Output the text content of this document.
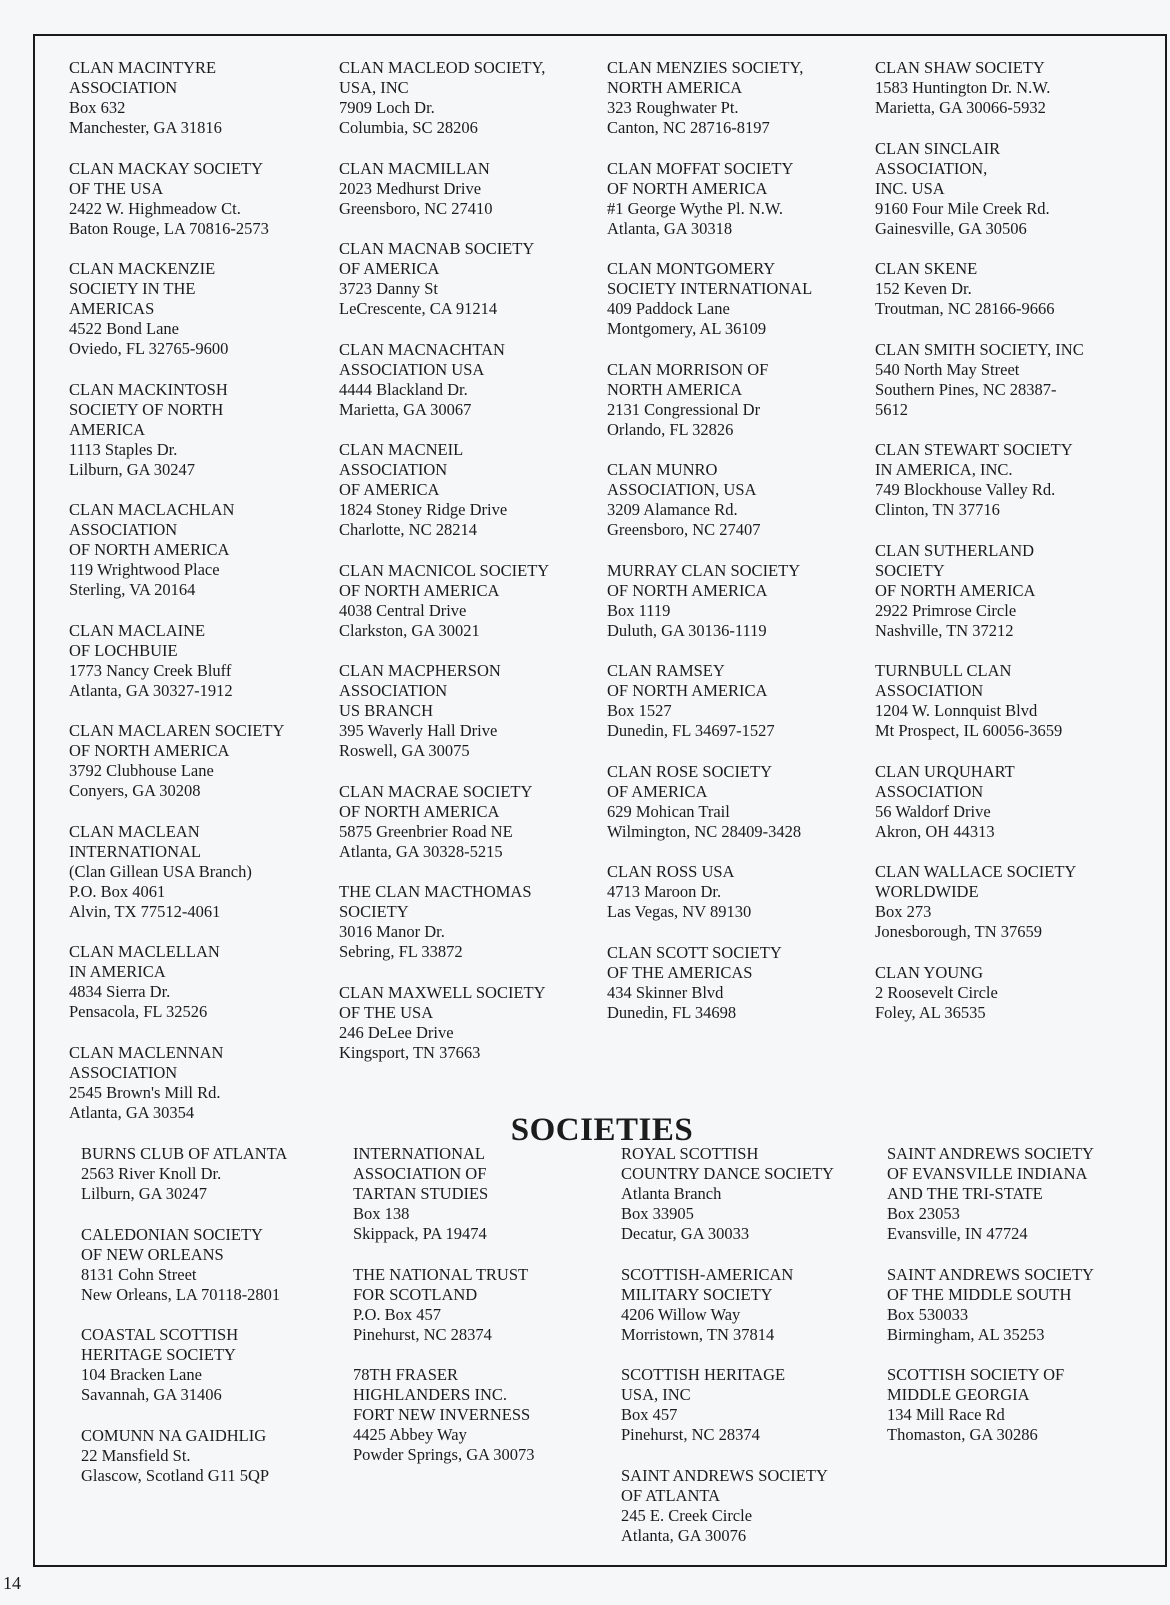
CLAN MACINTYRE
ASSOCIATION
Box 632
Manchester, GA 31816
CLAN MACKAY SOCIETY
OF THE USA
2422 W. Highmeadow Ct.
Baton Rouge, LA 70816-2573
CLAN MACKENZIE
SOCIETY IN THE
AMERICAS
4522 Bond Lane
Oviedo, FL 32765-9600
CLAN MACKINTOSH
SOCIETY OF NORTH
AMERICA
1113 Staples Dr.
Lilburn, GA 30247
CLAN MACLACHLAN
ASSOCIATION
OF NORTH AMERICA
119 Wrightwood Place
Sterling, VA 20164
CLAN MACLAINE
OF LOCHBUIE
1773 Nancy Creek Bluff
Atlanta, GA 30327-1912
CLAN MACLAREN SOCIETY
OF NORTH AMERICA
3792 Clubhouse Lane
Conyers, GA 30208
CLAN MACLEAN
INTERNATIONAL
(Clan Gillean USA Branch)
P.O. Box 4061
Alvin, TX 77512-4061
CLAN MACLELLAN
IN AMERICA
4834 Sierra Dr.
Pensacola, FL 32526
CLAN MACLENNAN
ASSOCIATION
2545 Brown's Mill Rd.
Atlanta, GA 30354
CLAN MACLEOD SOCIETY,
USA, INC
7909 Loch Dr.
Columbia, SC 28206
CLAN MACMILLAN
2023 Medhurst Drive
Greensboro, NC 27410
CLAN MACNAB SOCIETY
OF AMERICA
3723 Danny St
LeCrescente, CA 91214
CLAN MACNACHTAN
ASSOCIATION USA
4444 Blackland Dr.
Marietta, GA 30067
CLAN MACNEIL
ASSOCIATION
OF AMERICA
1824 Stoney Ridge Drive
Charlotte, NC 28214
CLAN MACNICOL SOCIETY
OF NORTH AMERICA
4038 Central Drive
Clarkston, GA 30021
CLAN MACPHERSON
ASSOCIATION
US BRANCH
395 Waverly Hall Drive
Roswell, GA 30075
CLAN MACRAE SOCIETY
OF NORTH AMERICA
5875 Greenbrier Road NE
Atlanta, GA 30328-5215
THE CLAN MACTHOMAS
SOCIETY
3016 Manor Dr.
Sebring, FL 33872
CLAN MAXWELL SOCIETY
OF THE USA
246 DeLee Drive
Kingsport, TN 37663
CLAN MENZIES SOCIETY,
NORTH AMERICA
323 Roughwater Pt.
Canton, NC 28716-8197
CLAN MOFFAT SOCIETY
OF NORTH AMERICA
#1 George Wythe Pl. N.W.
Atlanta, GA 30318
CLAN MONTGOMERY
SOCIETY INTERNATIONAL
409 Paddock Lane
Montgomery, AL 36109
CLAN MORRISON OF
NORTH AMERICA
2131 Congressional Dr
Orlando, FL 32826
CLAN MUNRO
ASSOCIATION, USA
3209 Alamance Rd.
Greensboro, NC 27407
MURRAY CLAN SOCIETY
OF NORTH AMERICA
Box 1119
Duluth, GA 30136-1119
CLAN RAMSEY
OF NORTH AMERICA
Box 1527
Dunedin, FL 34697-1527
CLAN ROSE SOCIETY
OF AMERICA
629 Mohican Trail
Wilmington, NC 28409-3428
CLAN ROSS USA
4713 Maroon Dr.
Las Vegas, NV 89130
CLAN SCOTT SOCIETY
OF THE AMERICAS
434 Skinner Blvd
Dunedin, FL 34698
CLAN SHAW SOCIETY
1583 Huntington Dr. N.W.
Marietta, GA 30066-5932
CLAN SINCLAIR
ASSOCIATION,
INC. USA
9160 Four Mile Creek Rd.
Gainesville, GA 30506
CLAN SKENE
152 Keven Dr.
Troutman, NC 28166-9666
CLAN SMITH SOCIETY, INC
540 North May Street
Southern Pines, NC 28387-
5612
CLAN STEWART SOCIETY
IN AMERICA, INC.
749 Blockhouse Valley Rd.
Clinton, TN 37716
CLAN SUTHERLAND
SOCIETY
OF NORTH AMERICA
2922 Primrose Circle
Nashville, TN 37212
TURNBULL CLAN
ASSOCIATION
1204 W. Lonnquist Blvd
Mt Prospect, IL 60056-3659
CLAN URQUHART
ASSOCIATION
56 Waldorf Drive
Akron, OH 44313
CLAN WALLACE SOCIETY
WORLDWIDE
Box 273
Jonesborough, TN 37659
CLAN YOUNG
2 Roosevelt Circle
Foley, AL 36535
SOCIETIES
BURNS CLUB OF ATLANTA
2563 River Knoll Dr.
Lilburn, GA 30247
CALEDONIAN SOCIETY
OF NEW ORLEANS
8131 Cohn Street
New Orleans, LA 70118-2801
COASTAL SCOTTISH
HERITAGE SOCIETY
104 Bracken Lane
Savannah, GA 31406
COMUNN NA GAIDHLIG
22 Mansfield St.
Glascow, Scotland G11 5QP
INTERNATIONAL
ASSOCIATION OF
TARTAN STUDIES
Box 138
Skippack, PA 19474
THE NATIONAL TRUST
FOR SCOTLAND
P.O. Box 457
Pinehurst, NC 28374
78TH FRASER
HIGHLANDERS INC.
FORT NEW INVERNESS
4425 Abbey Way
Powder Springs, GA 30073
ROYAL SCOTTISH
COUNTRY DANCE SOCIETY
Atlanta Branch
Box 33905
Decatur, GA 30033
SCOTTISH-AMERICAN
MILITARY SOCIETY
4206 Willow Way
Morristown, TN 37814
SCOTTISH HERITAGE
USA, INC
Box 457
Pinehurst, NC 28374
SAINT ANDREWS SOCIETY
OF ATLANTA
245 E. Creek Circle
Atlanta, GA 30076
SAINT ANDREWS SOCIETY
OF EVANSVILLE INDIANA
AND THE TRI-STATE
Box 23053
Evansville, IN 47724
SAINT ANDREWS SOCIETY
OF THE MIDDLE SOUTH
Box 530033
Birmingham, AL 35253
SCOTTISH SOCIETY OF
MIDDLE GEORGIA
134 Mill Race Rd
Thomaston, GA 30286
14
